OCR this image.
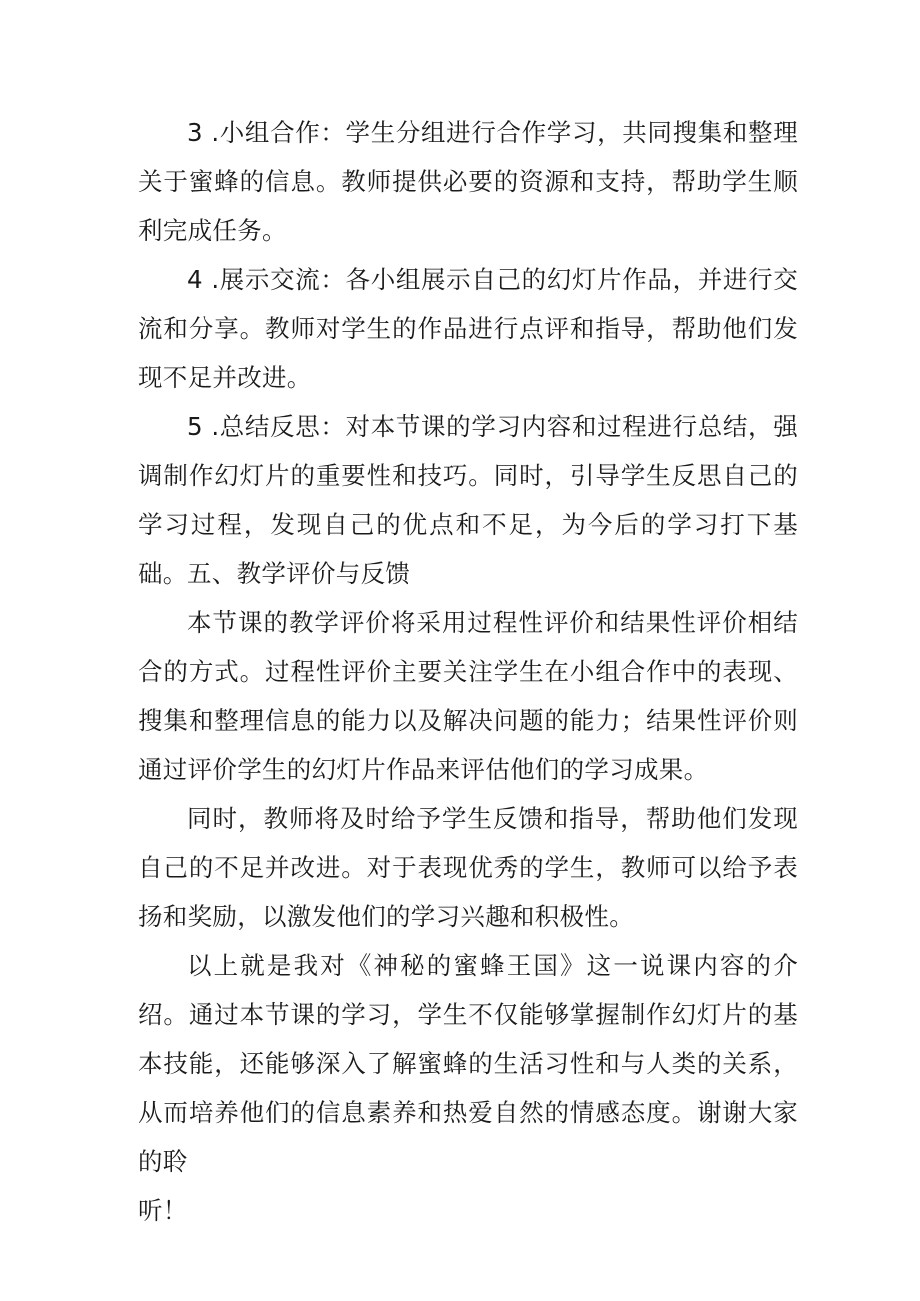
3 .小组合作：学生分组进行合作学习，共同搜集和整理关于蜜蜂的信息。教师提供必要的资源和支持，帮助学生顺利完成任务。

4 .展示交流：各小组展示自己的幻灯片作品，并进行交流和分享。教师对学生的作品进行点评和指导，帮助他们发现不足并改进。

5 .总结反思：对本节课的学习内容和过程进行总结，强调制作幻灯片的重要性和技巧。同时，引导学生反思自己的学习过程，发现自己的优点和不足，为今后的学习打下基础。 五、教学评价与反馈

本节课的教学评价将采用过程性评价和结果性评价相结合的方式。过程性评价主要关注学生在小组合作中的表现、搜集和整理信息的能力以及解决问题的能力；结果性评价则通过评价学生的幻灯片作品来评估他们的学习成果。

同时，教师将及时给予学生反馈和指导，帮助他们发现自己的不足并改进。对于表现优秀的学生，教师可以给予表扬和奖励，以激发他们的学习兴趣和积极性。

以上就是我对《神秘的蜜蜂王国》这一说课内容的介绍。通过本节课的学习，学生不仅能够掌握制作幻灯片的基本技能，还能够深入了解蜜蜂的生活习性和与人类的关系，从而培养他们的信息素养和热爱自然的情感态度。谢谢大家的聆
听！
